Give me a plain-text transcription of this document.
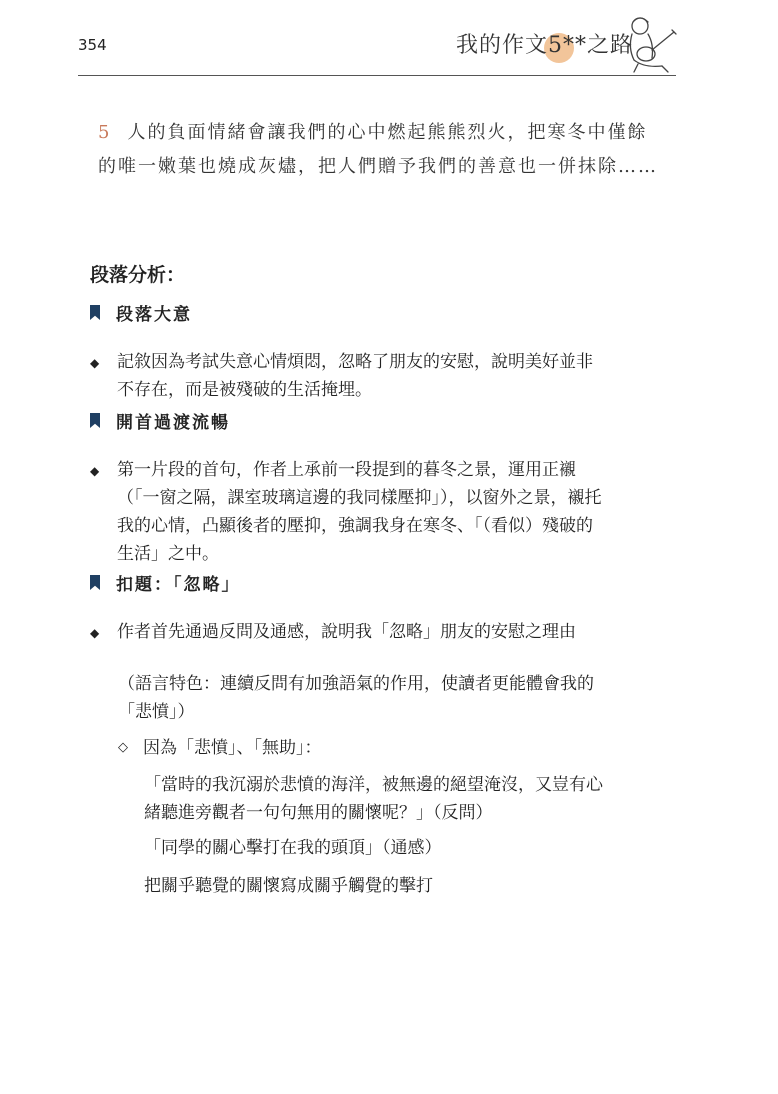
354	我的作文5**之路
5 人的負面情緒會讓我們的心中燃起熊熊烈火，把寒冬中僅餘的唯一嫩葉也燒成灰燼，把人們贈予我們的善意也一併抹除……
段落分析：
段落大意
◆	記敘因為考試失意心情煩悶，忽略了朋友的安慰，說明美好並非不存在，而是被殘破的生活掩埋。
開首過渡流暢
◆	第一片段的首句，作者上承前一段提到的暮冬之景，運用正襯（「一窗之隔，課室玻璃這邊的我同樣壓抑」），以窗外之景，襯托我的心情，凸顯後者的壓抑，強調我身在寒冬、「（看似）殘破的生活」之中。
扣題：「忽略」
◆	作者首先通過反問及通感，說明我「忽略」朋友的安慰之理由
（語言特色：連續反問有加強語氣的作用，使讀者更能體會我的「悲憤」）
◇ 因為「悲憤」、「無助」：
「當時的我沉溺於悲憤的海洋，被無邊的絕望淹沒，又豈有心緒聽進旁觀者一句句無用的關懷呢？」（反問）
「同學的關心擊打在我的頭頂」（通感）
把關乎聽覺的關懷寫成關乎觸覺的擊打
